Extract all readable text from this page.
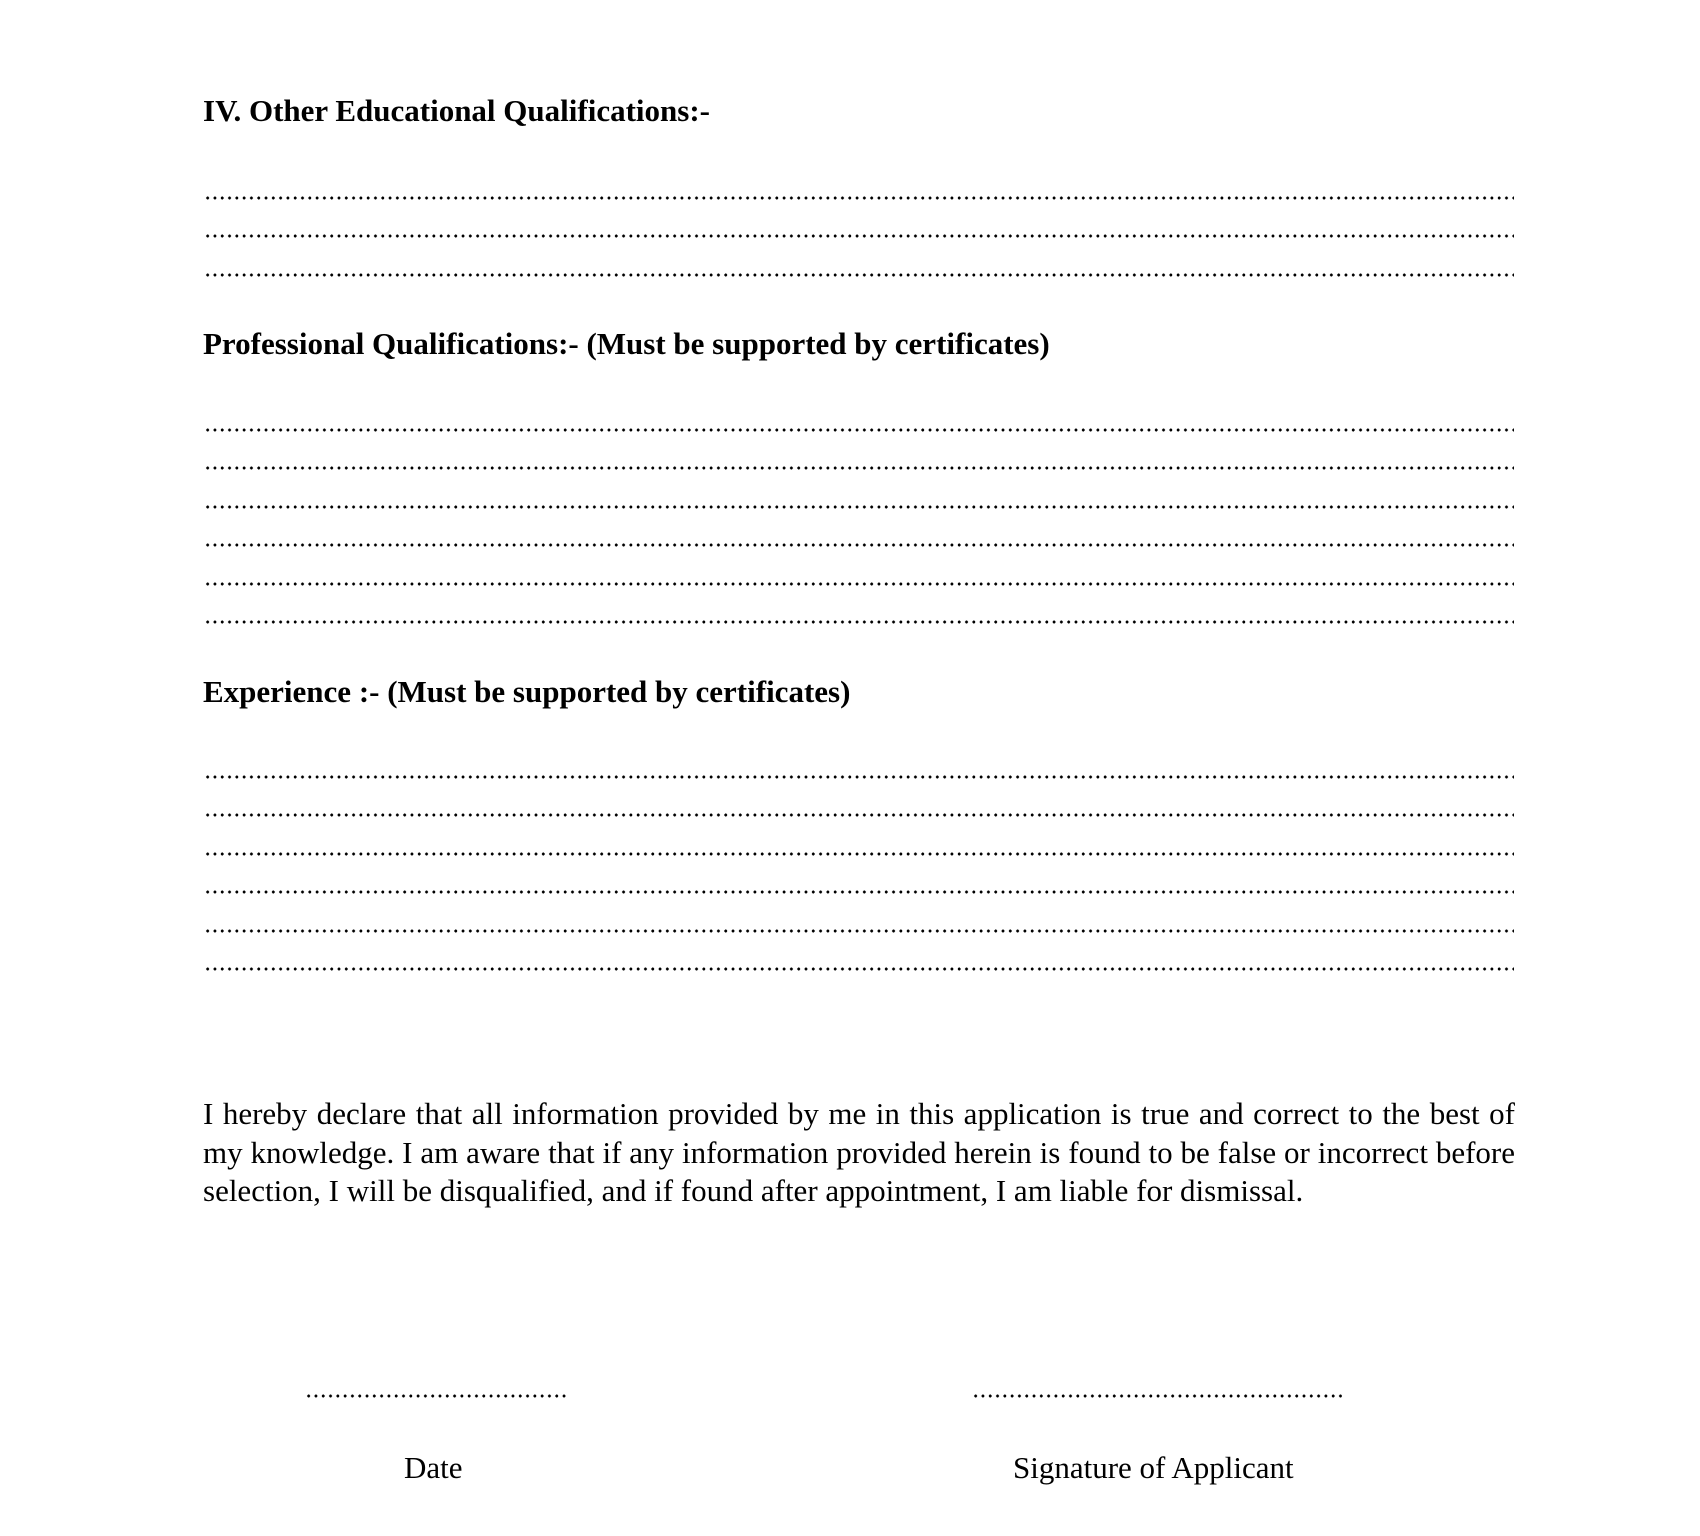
IV. Other Educational Qualifications:-
Professional Qualifications:- (Must be supported by certificates)
Experience :- (Must be supported by certificates)
I hereby declare that all information provided by me in this application is true and correct to the best of my knowledge. I am aware that if any information provided herein is found to be false or incorrect before selection, I will be disqualified, and if found after appointment, I am liable for dismissal.
Date	Signature of Applicant
